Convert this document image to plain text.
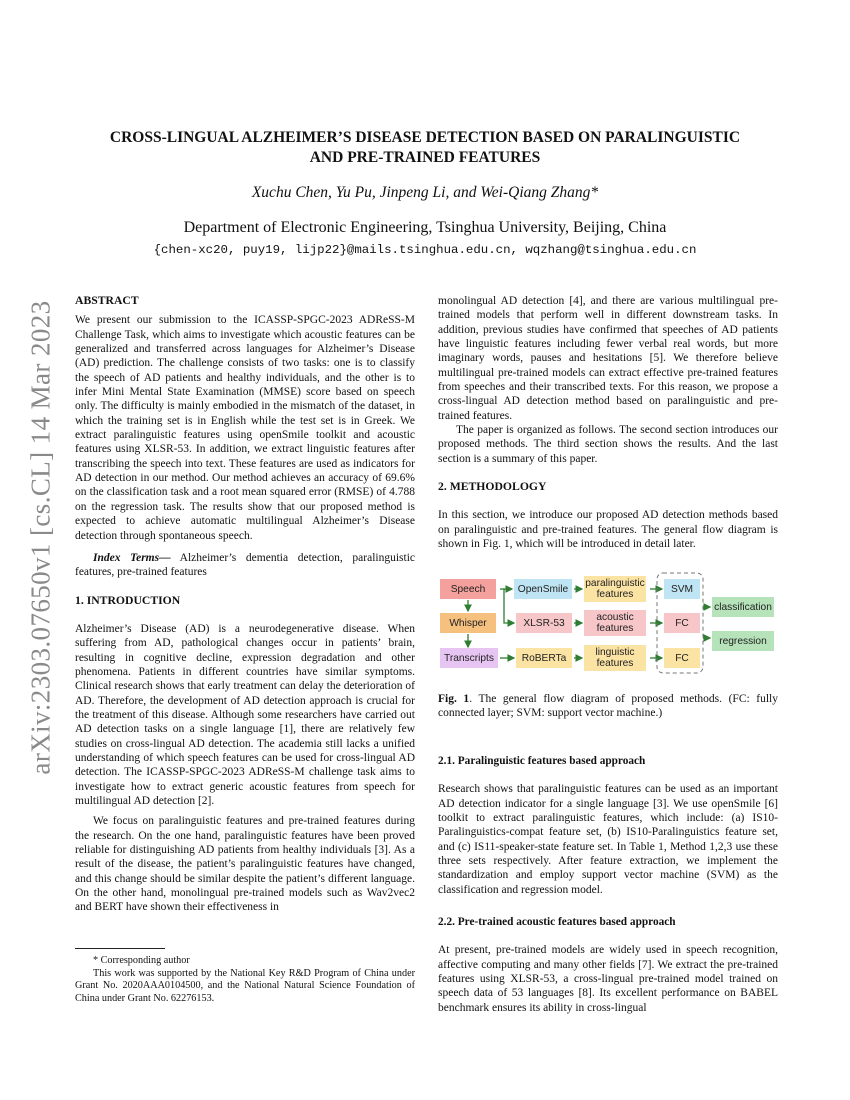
arXiv:2303.07650v1 [cs.CL] 14 Mar 2023
CROSS-LINGUAL ALZHEIMER’S DISEASE DETECTION BASED ON PARALINGUISTIC
AND PRE-TRAINED FEATURES
Xuchu Chen, Yu Pu, Jinpeng Li, and Wei-Qiang Zhang*
Department of Electronic Engineering, Tsinghua University, Beijing, China
{chen-xc20, puy19, lijp22}@mails.tsinghua.edu.cn, wqzhang@tsinghua.edu.cn

ABSTRACT

We present our submission to the ICASSP-SPGC-2023 ADReSS-M Challenge Task, which aims to investigate which acoustic features can be generalized and transferred across languages for Alzheimer’s Disease (AD) prediction. The challenge consists of two tasks: one is to classify the speech of AD patients and healthy individuals, and the other is to infer Mini Mental State Examination (MMSE) score based on speech only. The difficulty is mainly embodied in the mismatch of the dataset, in which the training set is in English while the test set is in Greek. We extract paralinguistic features using openSmile toolkit and acoustic features using XLSR-53. In addition, we extract linguistic features after transcribing the speech into text. These features are used as indicators for AD detection in our method. Our method achieves an accuracy of 69.6% on the classification task and a root mean squared error (RMSE) of 4.788 on the regression task. The results show that our proposed method is expected to achieve automatic multilingual Alzheimer’s Disease detection through spontaneous speech.

Index Terms— Alzheimer’s dementia detection, paralinguistic features, pre-trained features

1. INTRODUCTION

Alzheimer’s Disease (AD) is a neurodegenerative disease. When suffering from AD, pathological changes occur in patients’ brain, resulting in cognitive decline, expression degradation and other phenomena. Patients in different countries have similar symptoms. Clinical research shows that early treatment can delay the deterioration of AD. Therefore, the development of AD detection approach is crucial for the treatment of this disease. Although some researchers have carried out AD detection tasks on a single language [1], there are relatively few studies on cross-lingual AD detection. The academia still lacks a unified understanding of which speech features can be used for cross-lingual AD detection. The ICASSP-SPGC-2023 ADReSS-M challenge task aims to investigate how to extract generic acoustic features from speech for multilingual AD detection [2].

We focus on paralinguistic features and pre-trained features during the research. On the one hand, paralinguistic features have been proved reliable for distinguishing AD patients from healthy individuals [3]. As a result of the disease, the patient’s paralinguistic features have changed, and this change should be similar despite the patient’s different language. On the other hand, monolingual pre-trained models such as Wav2vec2 and BERT have shown their effectiveness in

* Corresponding author

This work was supported by the National Key R&D Program of China under Grant No. 2020AAA0104500, and the National Natural Science Foundation of China under Grant No. 62276153.

monolingual AD detection [4], and there are various multilingual pre-trained models that perform well in different downstream tasks. In addition, previous studies have confirmed that speeches of AD patients have linguistic features including fewer verbal real words, but more imaginary words, pauses and hesitations [5]. We therefore believe multilingual pre-trained models can extract effective pre-trained features from speeches and their transcribed texts. For this reason, we propose a cross-lingual AD detection method based on paralinguistic and pre-trained features.

The paper is organized as follows. The second section introduces our proposed methods. The third section shows the results. And the last section is a summary of this paper.

2. METHODOLOGY

In this section, we introduce our proposed AD detection methods based on paralinguistic and pre-trained features. The general flow diagram is shown in Fig. 1, which will be introduced in detail later.

Speech
Whisper
Transcripts
OpenSmile
XLSR-53
RoBERTa
paralinguistic features
acoustic features
linguistic features
SVM
FC
FC
classification
regression
Fig. 1. The general flow diagram of proposed methods. (FC: fully connected layer; SVM: support vector machine.)

2.1. Paralinguistic features based approach

Research shows that paralinguistic features can be used as an important AD detection indicator for a single language [3]. We use openSmile [6] toolkit to extract paralinguistic features, which include: (a) IS10-Paralinguistics-compat feature set, (b) IS10-Paralinguistics feature set, and (c) IS11-speaker-state feature set. In Table 1, Method 1,2,3 use these three sets respectively. After feature extraction, we implement the standardization and employ support vector machine (SVM) as the classification and regression model.

2.2. Pre-trained acoustic features based approach

At present, pre-trained models are widely used in speech recognition, affective computing and many other fields [7]. We extract the pre-trained features using XLSR-53, a cross-lingual pre-trained model trained on speech data of 53 languages [8]. Its excellent performance on BABEL benchmark ensures its ability in cross-lingual
